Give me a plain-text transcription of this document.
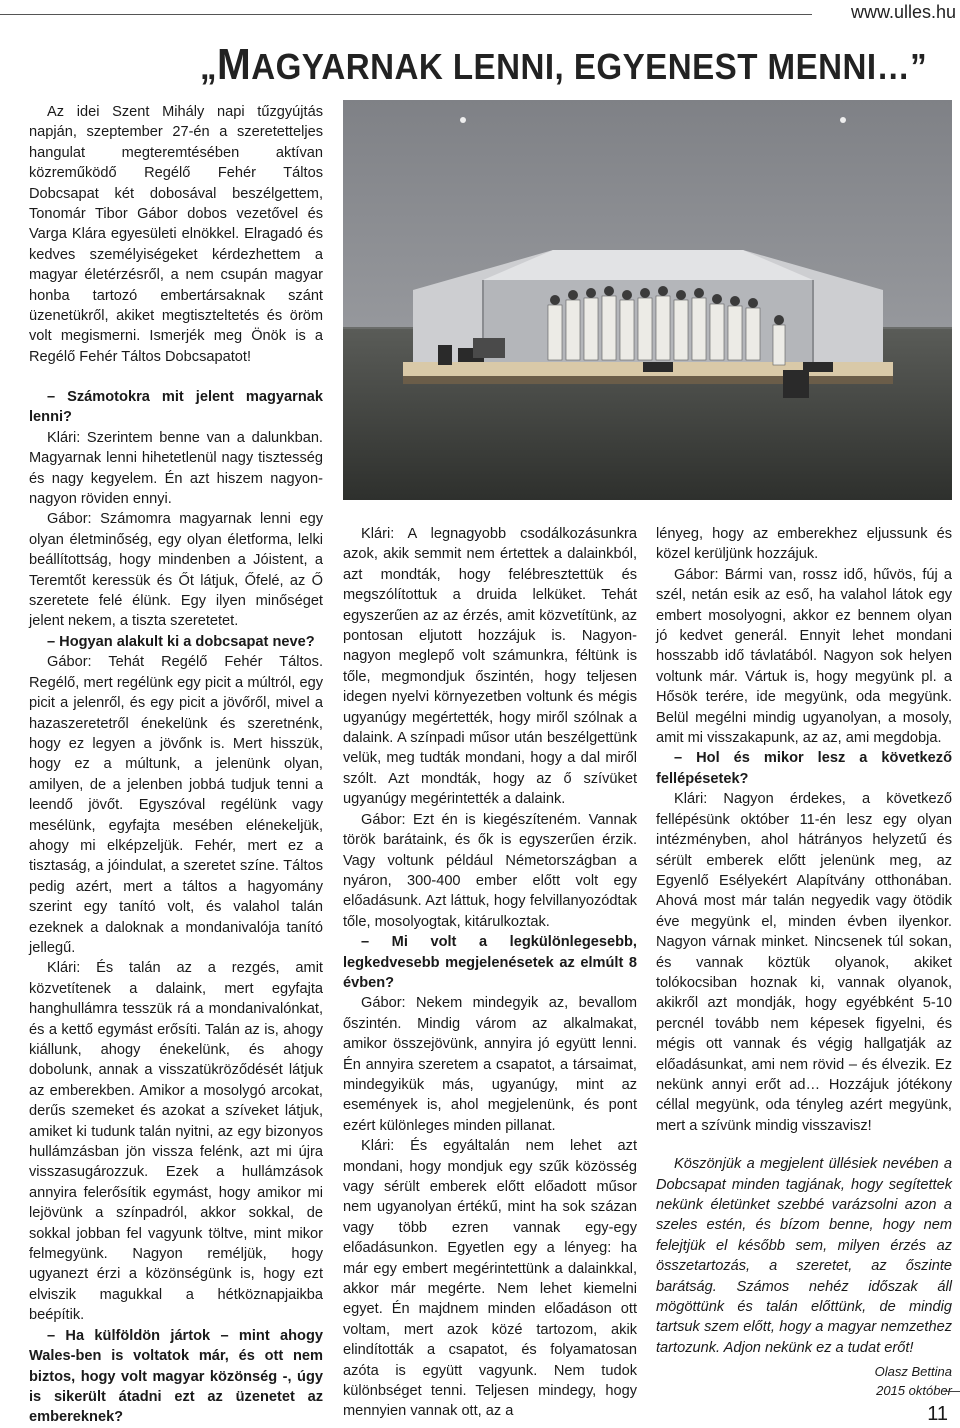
www.ulles.hu
„MAGYARNAK LENNI, EGYENEST MENNI…”

Az idei Szent Mihály napi tűzgyújtás napján, szeptember 27-én a szeretetteljes hangulat megteremtésében aktívan közreműködő Regélő Fehér Táltos Dobcsapat két dobosával beszélgettem, Tonomár Tibor Gábor dobos vezetővel és Varga Klára egyesületi elnökkel. Elragadó és kedves személyiségeket kérdezhettem a magyar életérzésről, a nem csupán magyar honba tartozó embertársaknak szánt üzenetükről, akiket megtiszteltetés és öröm volt megismerni. Ismerjék meg Önök is a Regélő Fehér Táltos Dobcsapatot!

– Számotokra mit jelent magyarnak lenni?

Klári: Szerintem benne van a dalunkban. Magyarnak lenni hihetetlenül nagy tisztesség és nagy kegyelem. Én azt hiszem nagyon-nagyon röviden ennyi.

Gábor: Számomra magyarnak lenni egy olyan életminőség, egy olyan életforma, lelki beállítottság, hogy mindenben a Jóistent, a Teremtőt keressük és Őt látjuk, Őfelé, az Ő szeretete felé élünk. Egy ilyen minőséget jelent nekem, a tiszta szeretetet.

– Hogyan alakult ki a dobcsapat neve?

Gábor: Tehát Regélő Fehér Táltos. Regélő, mert regélünk egy picit a múltról, egy picit a jelenről, és egy picit a jövőről, mivel a hazaszeretetről énekelünk és szeretnénk, hogy ez legyen a jövőnk is. Mert hisszük, hogy ez a múltunk, a jelenünk olyan, amilyen, de a jelenben jobbá tudjuk tenni a leendő jövőt. Egyszóval regélünk vagy mesélünk, egyfajta mesében elénekeljük, ahogy mi elképzeljük. Fehér, mert ez a tisztaság, a jóindulat, a szeretet színe. Táltos pedig azért, mert a táltos a hagyomány szerint egy tanító volt, és valahol talán ezeknek a daloknak a mondanivalója tanító jellegű.

Klári: És talán az a rezgés, amit közvetítenek a dalaink, mert egyfajta hanghullámra tesszük rá a mondanivalónkat, és a kettő egymást erősíti. Talán az is, ahogy kiállunk, ahogy énekelünk, és ahogy dobolunk, annak a visszatükröződését látjuk az emberekben. Amikor a mosolygó arcokat, derűs szemeket és azokat a szíveket látjuk, amiket ki tudunk talán nyitni, az egy bizonyos hullámzásban jön vissza felénk, azt mi újra visszasugározzuk. Ezek a hullámzások annyira felerősítik egymást, hogy amikor mi lejövünk a színpadról, akkor sokkal, de sokkal jobban fel vagyunk töltve, mint mikor felmegyünk. Nagyon reméljük, hogy ugyanezt érzi a közönségünk is, hogy ezt elviszik magukkal a hétköznapjaikba beépítik.

– Ha külföldön jártok – mint ahogy Wales-ben is voltatok már, és ott nem biztos, hogy volt magyar közönség -, úgy is sikerült átadni ezt az üzenetet az embereknek?

Klári: A legnagyobb csodálkozásunkra azok, akik semmit nem értettek a dalainkból, azt mondták, hogy felébresztettük és megszólítottuk a druida lelküket. Tehát egyszerűen az az érzés, amit közvetítünk, az pontosan eljutott hozzájuk is. Nagyon-nagyon meglepő volt számunkra, féltünk is tőle, megmondjuk őszintén, hogy teljesen idegen nyelvi környezetben voltunk és mégis ugyanúgy megértették, hogy miről szólnak a dalaink. A színpadi műsor után beszélgettünk velük, meg tudták mondani, hogy a dal miről szólt. Azt mondták, hogy az ő szívüket ugyanúgy megérintették a dalaink.

Gábor: Ezt én is kiegészíteném. Vannak török barátaink, és ők is egyszerűen érzik. Vagy voltunk például Németországban a nyáron, 300-400 ember előtt volt egy előadásunk. Azt láttuk, hogy felvillanyozódtak tőle, mosolyogtak, kitárulkoztak.

– Mi volt a legkülönlegesebb, legkedvesebb megjelenésetek az elmúlt 8 évben?

Gábor: Nekem mindegyik az, bevallom őszintén. Mindig várom az alkalmakat, amikor összejövünk, annyira jó együtt lenni. Én annyira szeretem a csapatot, a társaimat, mindegyikük más, ugyanúgy, mint az események is, ahol megjelenünk, és pont ezért különleges minden pillanat.

Klári: És egyáltalán nem lehet azt mondani, hogy mondjuk egy szűk közösség vagy sérült emberek előtt előadott műsor nem ugyanolyan értékű, mint ha sok százan vagy több ezren vannak egy-egy előadásunkon. Egyetlen egy a lényeg: ha már egy embert megérintettünk a dalainkkal, akkor már megérte. Nem lehet kiemelni egyet. Én majdnem minden előadáson ott voltam, mert azok közé tartozom, akik elindították a csapatot, és folyamatosan azóta is együtt vagyunk. Nem tudok különbséget tenni. Teljesen mindegy, hogy mennyien vannak ott, az a

lényeg, hogy az emberekhez eljussunk és közel kerüljünk hozzájuk.

Gábor: Bármi van, rossz idő, hűvös, fúj a szél, netán esik az eső, ha valahol látok egy embert mosolyogni, akkor ez bennem olyan jó kedvet generál. Ennyit lehet mondani hosszabb idő távlatából. Nagyon sok helyen voltunk már. Vártuk is, hogy megyünk pl. a Hősök terére, ide megyünk, oda megyünk. Belül megélni mindig ugyanolyan, a mosoly, amit mi visszakapunk, az az, ami megdobja.

– Hol és mikor lesz a következő fellépésetek?

Klári: Nagyon érdekes, a következő fellépésünk október 11-én lesz egy olyan intézményben, ahol hátrányos helyzetű és sérült emberek előtt jelenünk meg, az Egyenlő Esélyekért Alapítvány otthonában. Ahová most már talán negyedik vagy ötödik éve megyünk el, minden évben ilyenkor. Nagyon várnak minket. Nincsenek túl sokan, és vannak köztük olyanok, akiket tolókocsiban hoznak ki, vannak olyanok, akikről azt mondják, hogy egyébként 5-10 percnél tovább nem képesek figyelni, és mégis ott vannak és végig hallgatják az előadásunkat, ami nem rövid – és élvezik. Ez nekünk annyi erőt ad… Hozzájuk jótékony céllal megyünk, oda tényleg azért megyünk, mert a szívünk mindig visszavisz!

Köszönjük a megjelent üllésiek nevében a Dobcsapat minden tagjának, hogy segítettek nekünk életünket szebbé varázsolni azon a szeles estén, és bízom benne, hogy nem felejtjük el később sem, milyen érzés az összetartozás, a szeretet, az őszinte barátság. Számos nehéz időszak áll mögöttünk és talán előttünk, de mindig tartsuk szem előtt, hogy a magyar nemzethez tartozunk. Adjon nekünk ez a tudat erőt!

Olasz Bettina

2015 október

11
